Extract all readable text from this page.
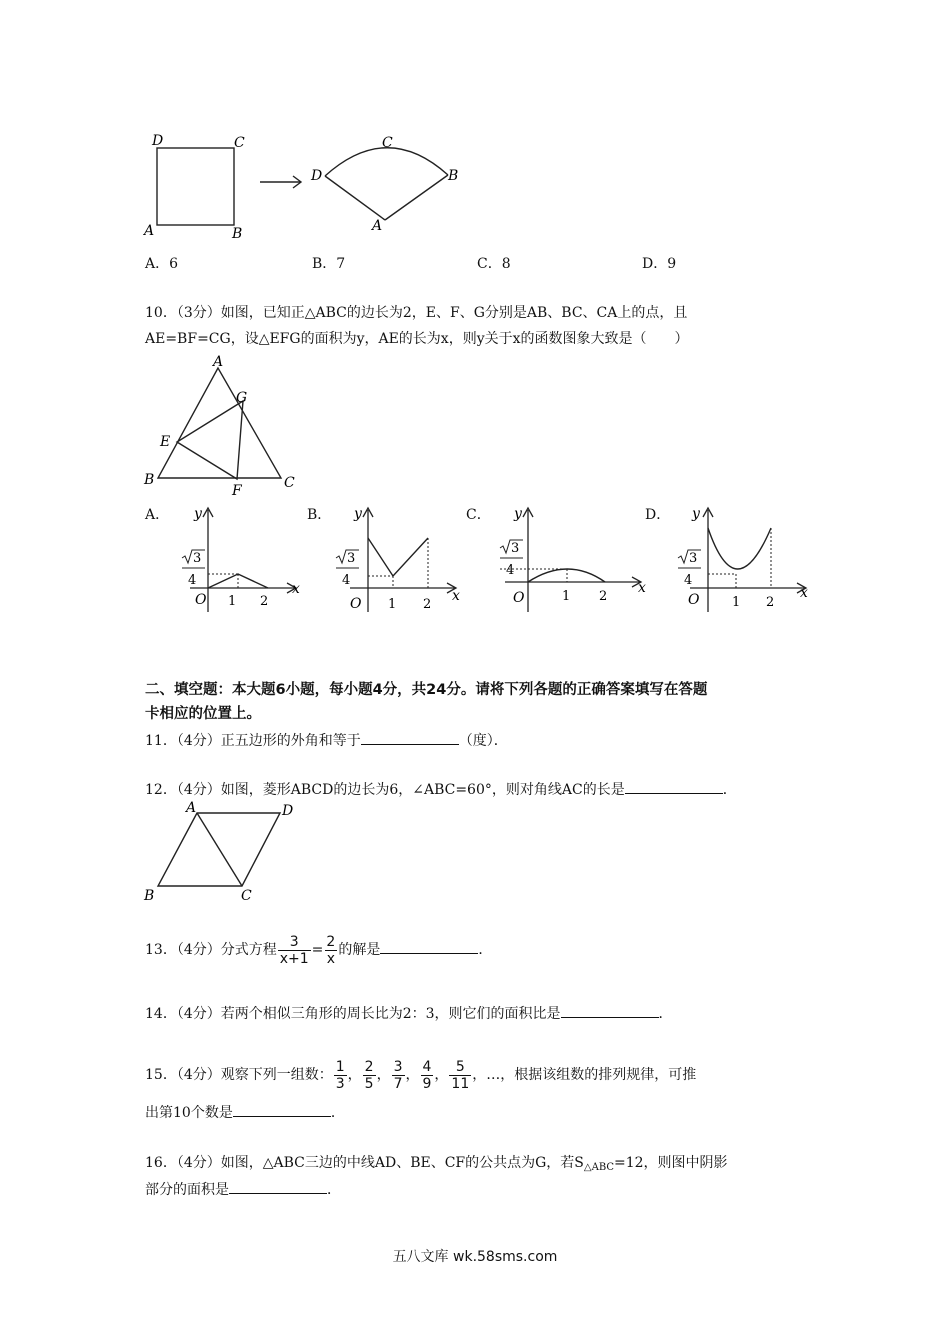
D	C
A	B
C
D	B
A
A．6	B．7	C．8	D．9
10．（3分）如图，已知正△ABC的边长为2，E、F、G分别是AB、BC、CA上的点，且
AE=BF=CG，设△EFG的面积为y，AE的长为x，则y关于x的函数图象大致是（　　）
A
G
E
B
F	C
A．	B．	C．	D．
y
x
O 1 2
3
4
y
x
O 1 2
3
4
y
x
O	1 2
3
4
y
x
O	1 2
3
4
二、填空题：本大题6小题，每小题4分，共24分。请将下列各题的正确答案填写在答题
卡相应的位置上。
11．（4分）正五边形的外角和等于	（度）．
12．（4分）如图，菱形ABCD的边长为6，∠ABC=60°，则对角线AC的长是	．
A	D
B	C
13．（4分）分式方程 $\frac{3}{x+1} = \frac{2}{x}$ 的解是	．
14．（4分）若两个相似三角形的周长比为2：3，则它们的面积比是	．
15．（4分）观察下列一组数： $\frac{1}{3}$ ， $\frac{2}{5}$ ， $\frac{3}{7}$ ， $\frac{4}{9}$ ， $\frac{5}{11}$ ，…，根据该组数的排列规律，可推
出第10个数是	．
16．（4分）如图，△ABC三边的中线AD、BE、CF的公共点为G，若$S_{\triangle ABC}=12$，则图中阴影
部分的面积是	．
五八文库 wk.58sms.com
